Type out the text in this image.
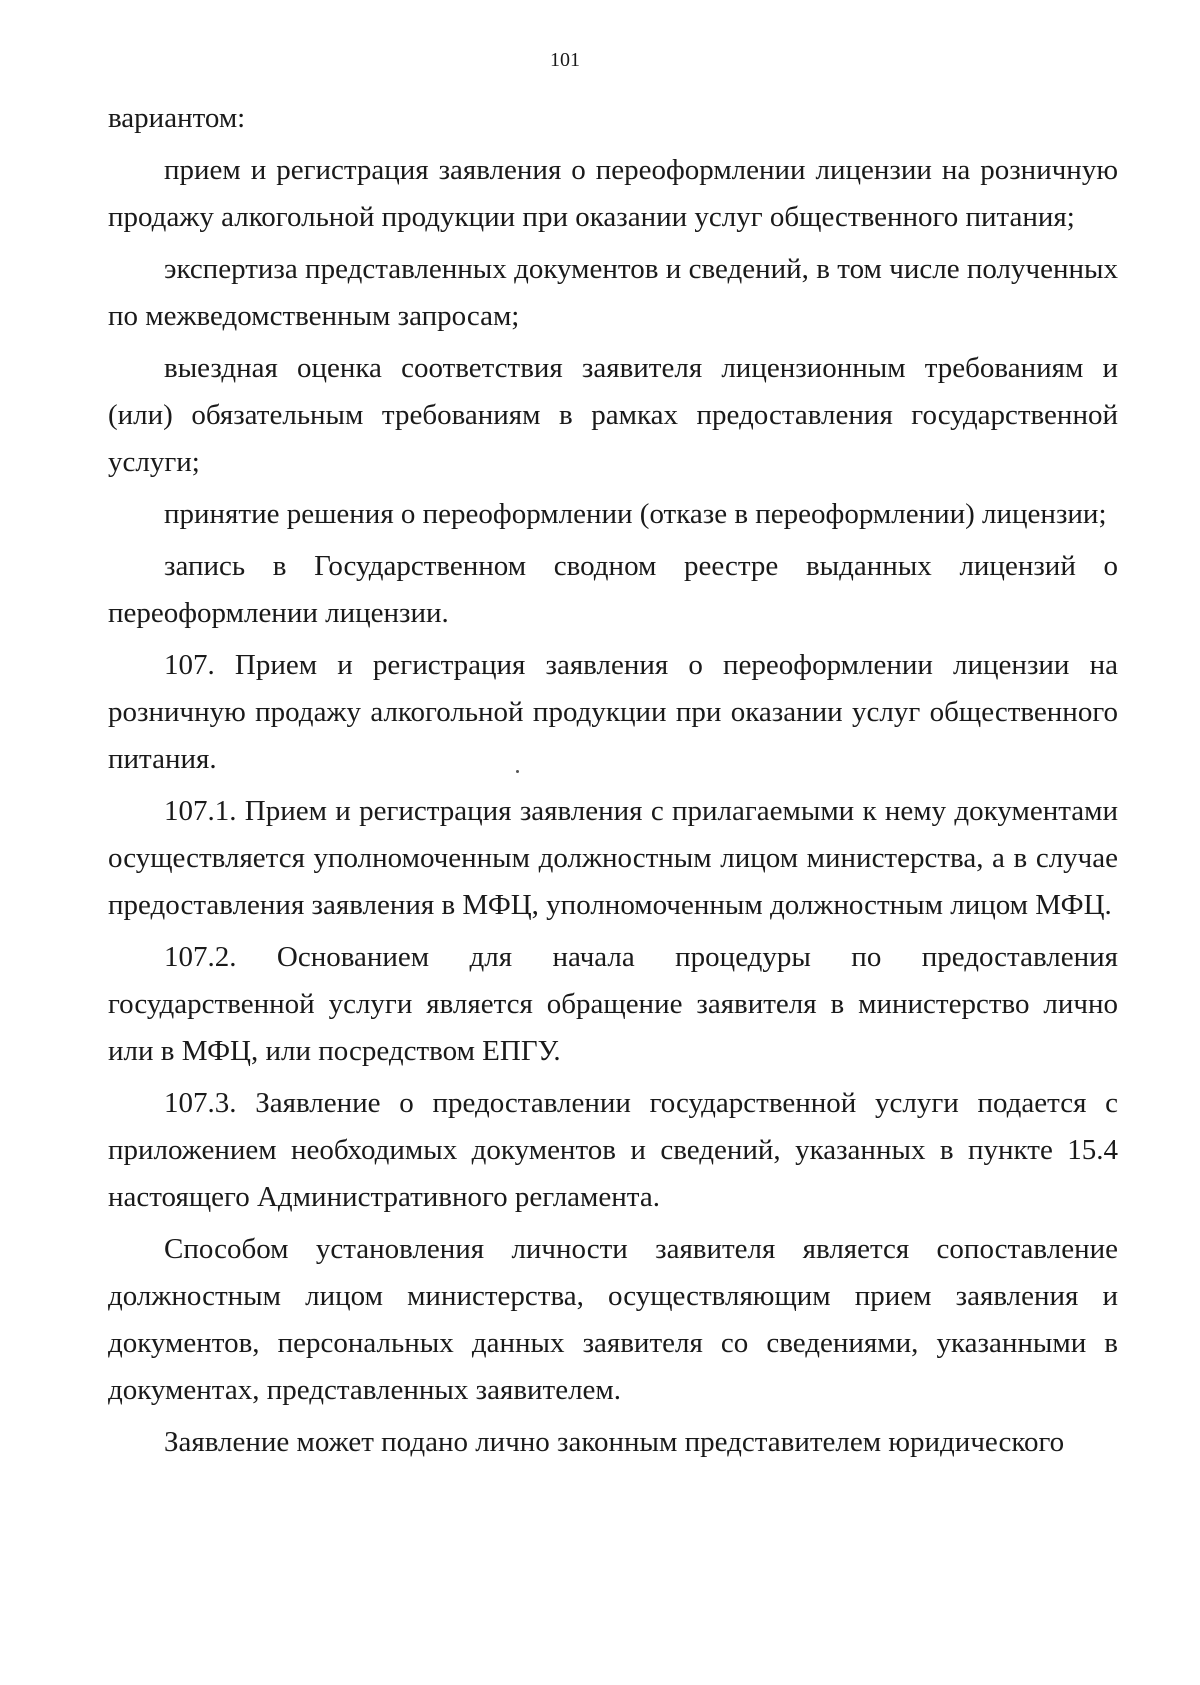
101

вариантом:

прием и регистрация заявления о переоформлении лицензии на розничную продажу алкогольной продукции при оказании услуг общественного питания;

экспертиза представленных документов и сведений, в том числе полученных по межведомственным запросам;

выездная оценка соответствия заявителя лицензионным требованиям и (или) обязательным требованиям в рамках предоставления государственной услуги;

принятие решения о переоформлении (отказе в переоформлении) лицензии;

запись в Государственном сводном реестре выданных лицензий о переоформлении лицензии.

107. Прием и регистрация заявления о переоформлении лицензии на розничную продажу алкогольной продукции при оказании услуг общественного питания.

107.1. Прием и регистрация заявления с прилагаемыми к нему документами осуществляется уполномоченным должностным лицом министерства, а в случае предоставления заявления в МФЦ, уполномоченным должностным лицом МФЦ.

107.2. Основанием для начала процедуры по предоставления государственной услуги является обращение заявителя в министерство лично или в МФЦ, или посредством ЕПГУ.

107.3. Заявление о предоставлении государственной услуги подается с приложением необходимых документов и сведений, указанных в пункте 15.4 настоящего Административного регламента.

Способом установления личности заявителя является сопоставление должностным лицом министерства, осуществляющим прием заявления и документов, персональных данных заявителя со сведениями, указанными в документах, представленных заявителем.

Заявление может подано лично законным представителем юридического
